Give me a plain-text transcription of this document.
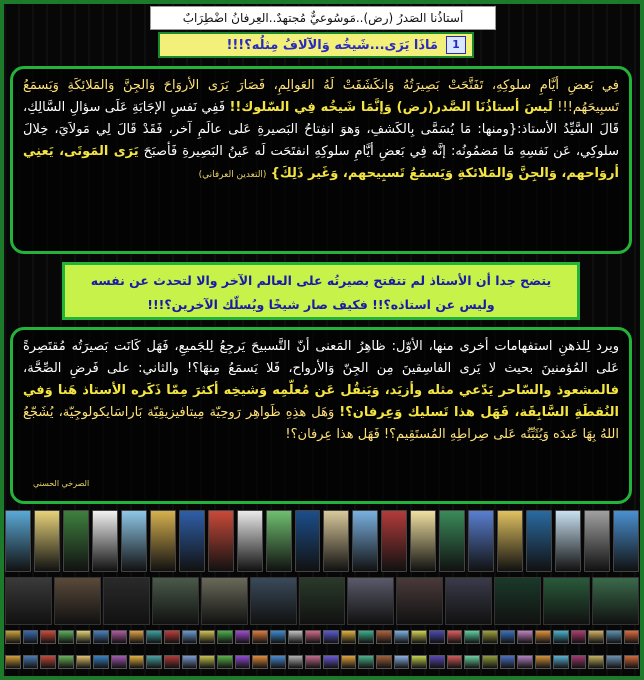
أستاذُنا الصَدرُ (رض)..مَوسُوعيٌّ مُجتهدٌ..العِرفانُ اضْطِرَابٌ
1
مَاذَا يَرَى...شَيخُه وَالآلافُ مِثلُه؟!!!
فِي بَعضِ أيَّامِ سلوكِهِ، تَفَتَّحَتْ بَصِيرَتُهُ وَانكَشَفَتْ لَهُ العَوالِمِ، فَصَارَ يَرَى الأروَاحَ وَالجِنَّ وَالمَلائِكَةِ وَيَسمَعُ تَسبِيحَهُم!!! لَيسَ أستاذُنَا الصَّدر(رض) وَإنَّمَا شَيخُه فِي السّلوك!! فَفِي نَفسِ الإجَابَةِ عَلَى سؤالِ السَّالِكِ، قَالَ السَّيِّدُ الأستاذ:{ومنها: مَا يُسَمَّى بِالكَشفِ، وَهوَ انفِتاحُ البَصيرةِ عَلى عالَمِ آخر، فَقَدْ قَالَ لِي مَولاَيَ، خِلالَ سلوكِي، عَن نَفسِهِ مَا مَضمُونُه: إنَّه فِي بَعضِ أيَّامِ سلوكِهِ انفتَحَت لَه عَينُ البَصِيرةِ فَأصبَحَ يَرَى المَوتَى، يَعنِي أروَاحهم، وَالجِنَّ وَالمَلائكةِ وَيَسمَعُ تَسبِيحهم، وَغَير ذَلِكَ} (التعدين العرفاني)
يتضح جدا أن الأستاذ لم تتفتح بصيرتُه على العالم الآخر والا لتحدث عن نفسه وليس عن استاذه؟!! فكيف صار شيخًا ويُسلّك الآخرين؟!!!
ويرد لِلذهنِ استفهامات أخرى منها، الأوّل: ظاهِرُ المَعنى أنّ التَّسبيحَ يَرجِعُ لِلجَميعِ، فَهَل كَانَت بَصيرَتُه مُقتَصِرةً عَلى المُؤمنينَ بحيث لا يَرى الفاسِقينَ مِن الجِنّ وَالأرواح، فَلا يَسمَعُ مِنهَا؟! والثاني: على فَرضِ الصِّحَّة، فالمشعوذ والسّاحر يَدّعي مثله وأزيَد، وَيَنقُل عَن مُعلّمِه وَشيخِه أكثرَ مِمّا ذَكَره الأستاذ هَنا وَفي النُقطَةِ السَّابِقَة، فَهَل هذا تَسليك وَعِرفان؟! وَهَل هذِهِ ظَواهِر رَوحِيّة مِيتافيزيقِيّة بَاراسَايكولوجِيّة، يُشَجّعُ اللهُ بِهَا عَبدَه وَيُثَبِّتُه عَلى صِراطِهِ المُستَقِيم؟! فَهَل هذا عِرفان؟!
الصرخي الحسني
